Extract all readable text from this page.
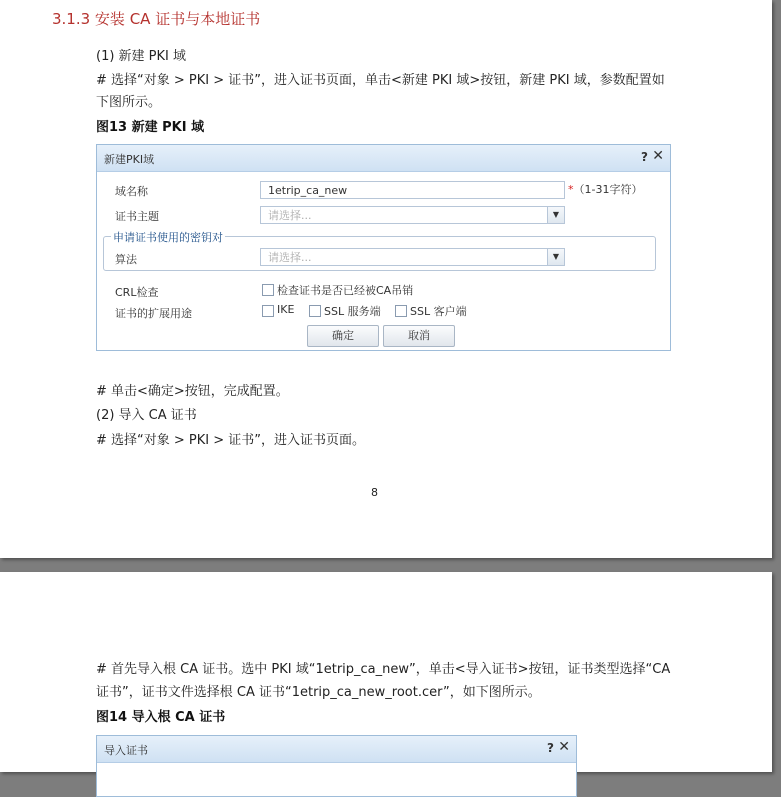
3.1.3 安装 CA 证书与本地证书
(1) 新建 PKI 域
# 选择“对象 > PKI > 证书”，进入证书页面，单击<新建 PKI 域>按钮，新建 PKI 域，参数配置如
下图所示。
图13 新建 PKI 域
新建PKI域	? ✕
域名称	1etrip_ca_new	*（1-31字符）
证书主题	请选择...	▼
申请证书使用的密钥对
算法	请选择...	▼
CRL检查	检查证书是否已经被CA吊销
证书的扩展用途	IKE	SSL 服务端	SSL 客户端
确定	取消
# 单击<确定>按钮，完成配置。
(2) 导入 CA 证书
# 选择“对象 > PKI > 证书”，进入证书页面。
8
# 首先导入根 CA 证书。选中 PKI 域“1etrip_ca_new”，单击<导入证书>按钮，证书类型选择“CA
证书”，证书文件选择根 CA 证书“1etrip_ca_new_root.cer”，如下图所示。
图14 导入根 CA 证书
导入证书	? ✕
